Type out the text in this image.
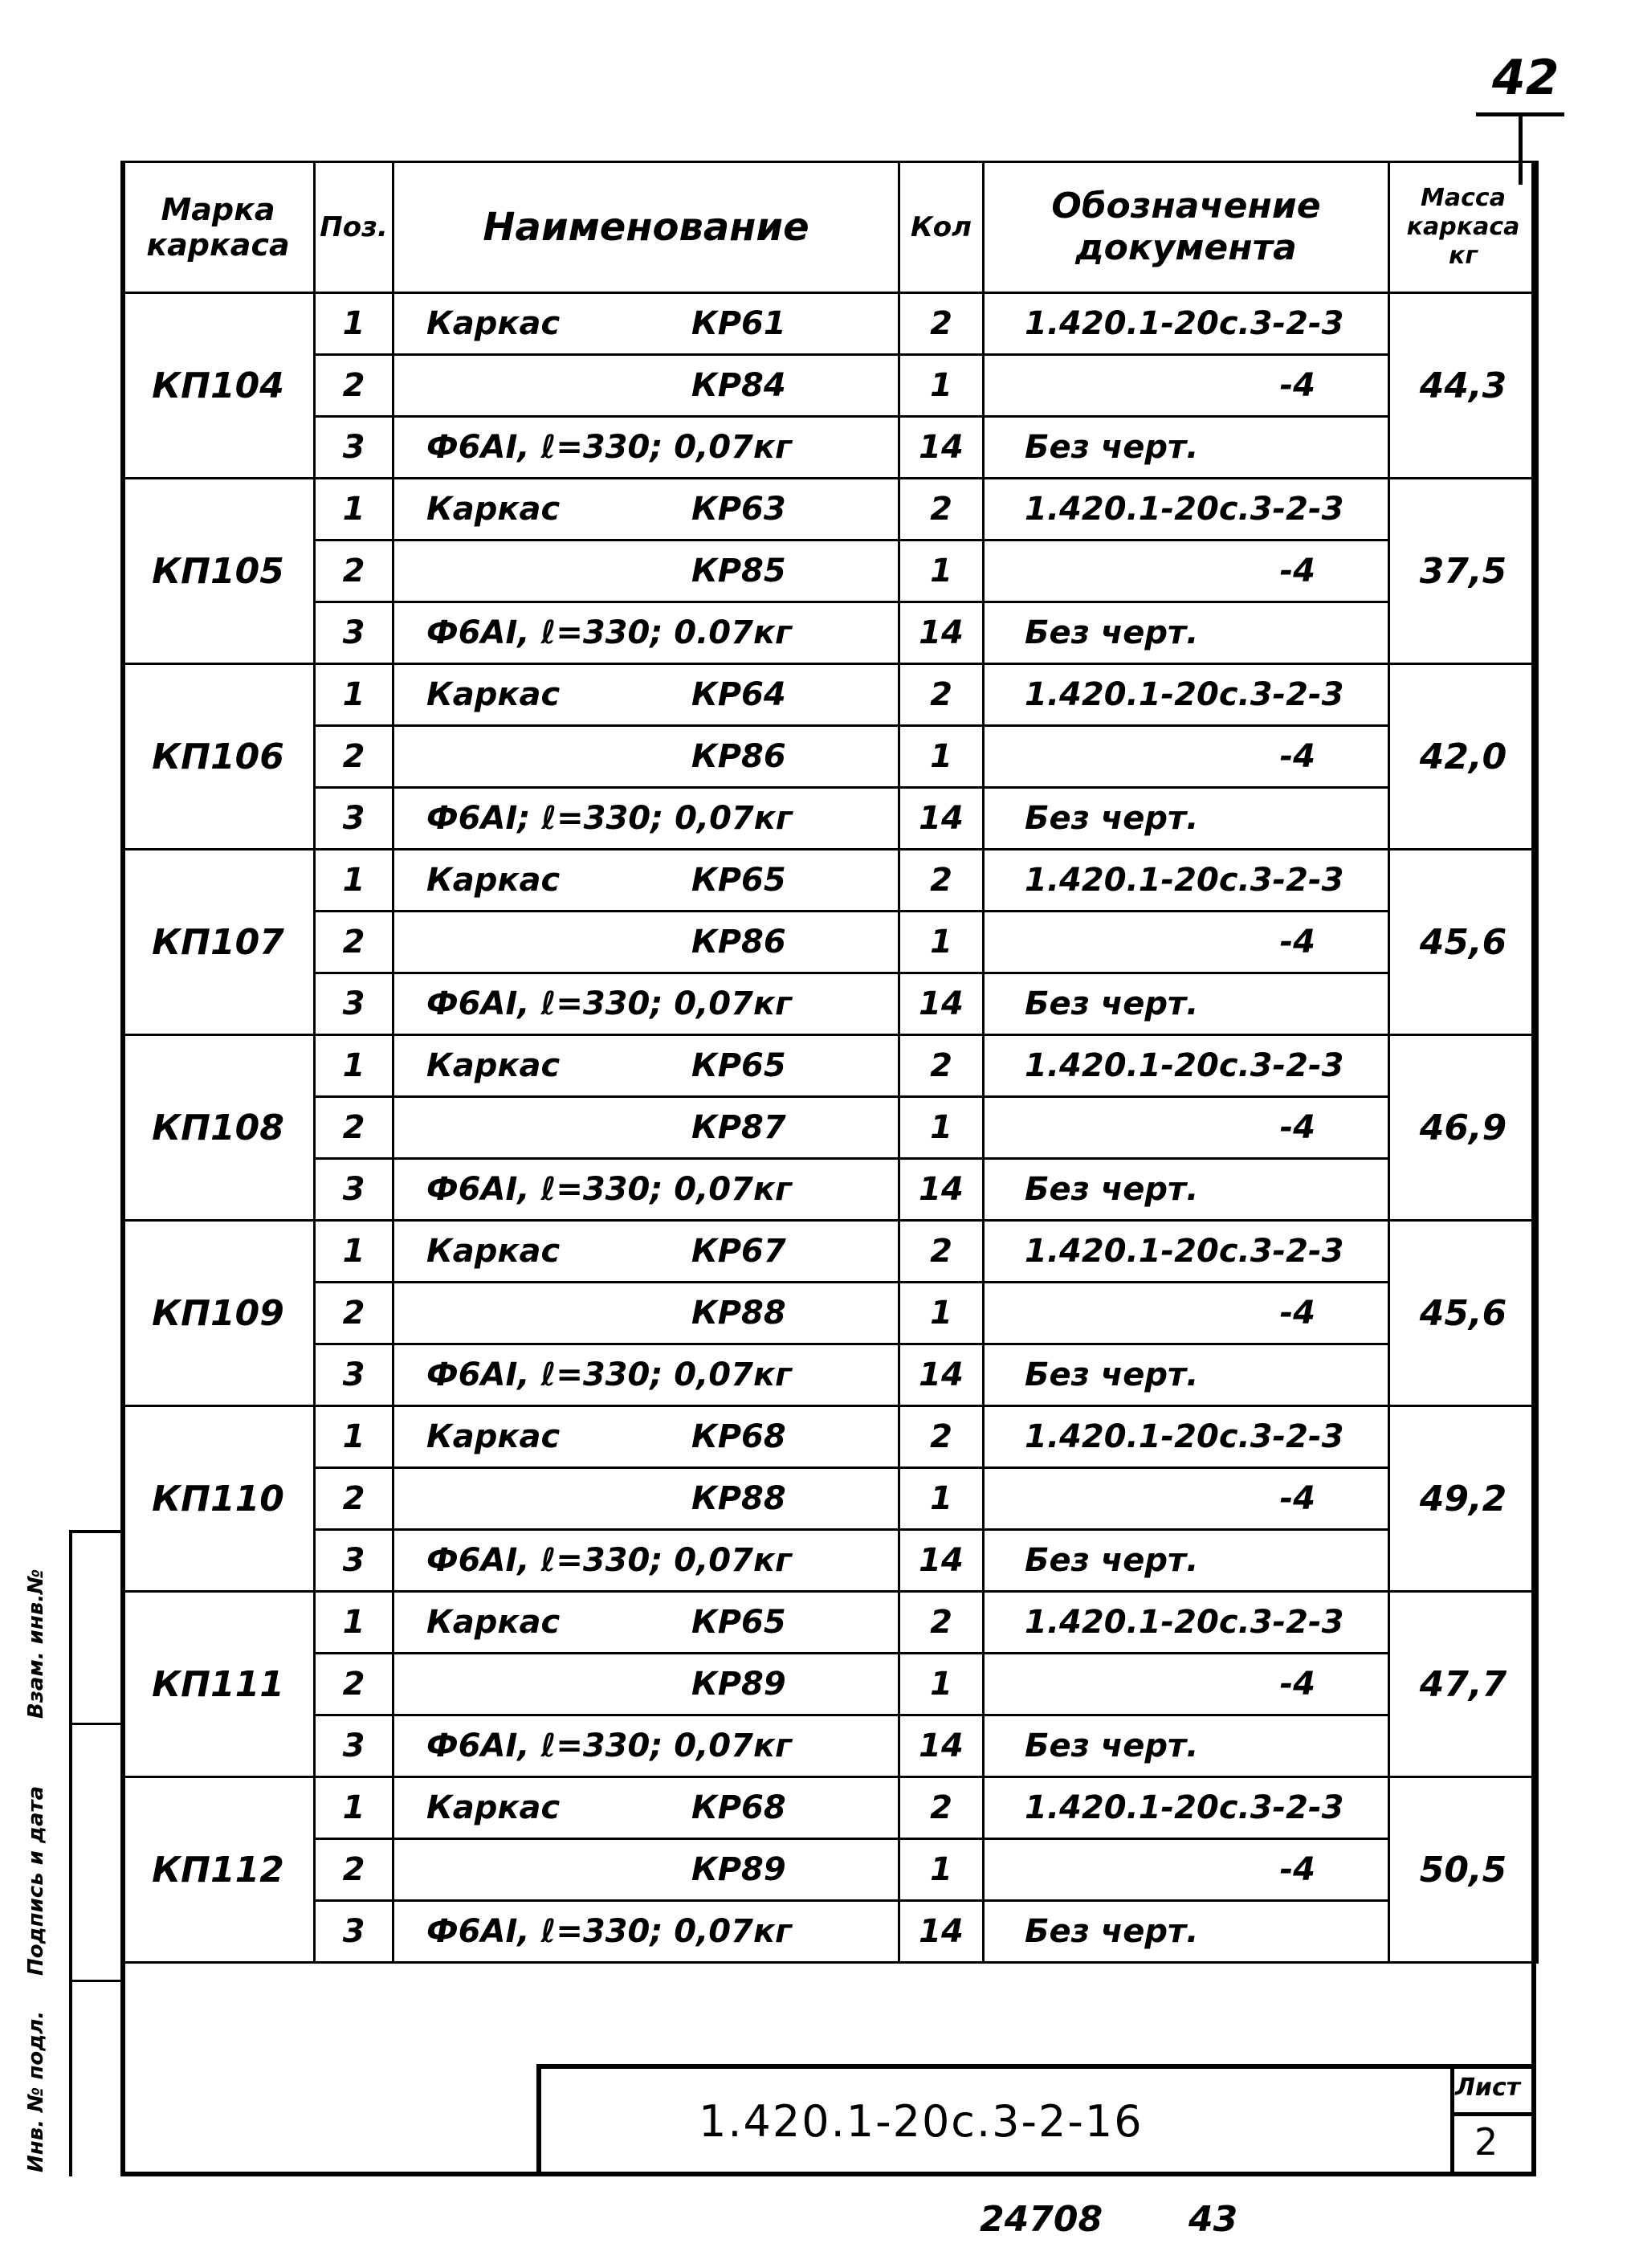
42
Марка каркаса	Поз.	Наименование	Кол	Обозначение документа	Масса каркаса кг
КП104	1	Каркас КР61	2	1.420.1-20с.3-2-3	44,3
	2	КР84	1	-4	
	3	Ф6АI, ℓ=330; 0,07кг	14	Без черт.	
КП105	1	Каркас КР63	2	1.420.1-20с.3-2-3	37,5
	2	КР85	1	-4	
	3	Ф6АI, ℓ=330; 0.07кг	14	Без черт.	
КП106	1	Каркас КР64	2	1.420.1-20с.3-2-3	42,0
	2	КР86	1	-4	
	3	Ф6АI; ℓ=330; 0,07кг	14	Без черт.	
КП107	1	Каркас КР65	2	1.420.1-20с.3-2-3	45,6
	2	КР86	1	-4	
	3	Ф6АI, ℓ=330; 0,07кг	14	Без черт.	
КП108	1	Каркас КР65	2	1.420.1-20с.3-2-3	46,9
	2	КР87	1	-4	
	3	Ф6АI, ℓ=330; 0,07кг	14	Без черт.	
КП109	1	Каркас КР67	2	1.420.1-20с.3-2-3	45,6
	2	КР88	1	-4	
	3	Ф6АI, ℓ=330; 0,07кг	14	Без черт.	
КП110	1	Каркас КР68	2	1.420.1-20с.3-2-3	49,2
	2	КР88	1	-4	
	3	Ф6АI, ℓ=330; 0,07кг	14	Без черт.	
КП111	1	Каркас КР65	2	1.420.1-20с.3-2-3	47,7
	2	КР89	1	-4	
	3	Ф6АI, ℓ=330; 0,07кг	14	Без черт.	
КП112	1	Каркас КР68	2	1.420.1-20с.3-2-3	50,5
	2	КР89	1	-4	
	3	Ф6АI, ℓ=330; 0,07кг	14	Без черт.	
Взам. инв.№
Подпись и дата
Инв. № подл.	1.420.1-20с.3-2-16
Лист
2
24708 43
